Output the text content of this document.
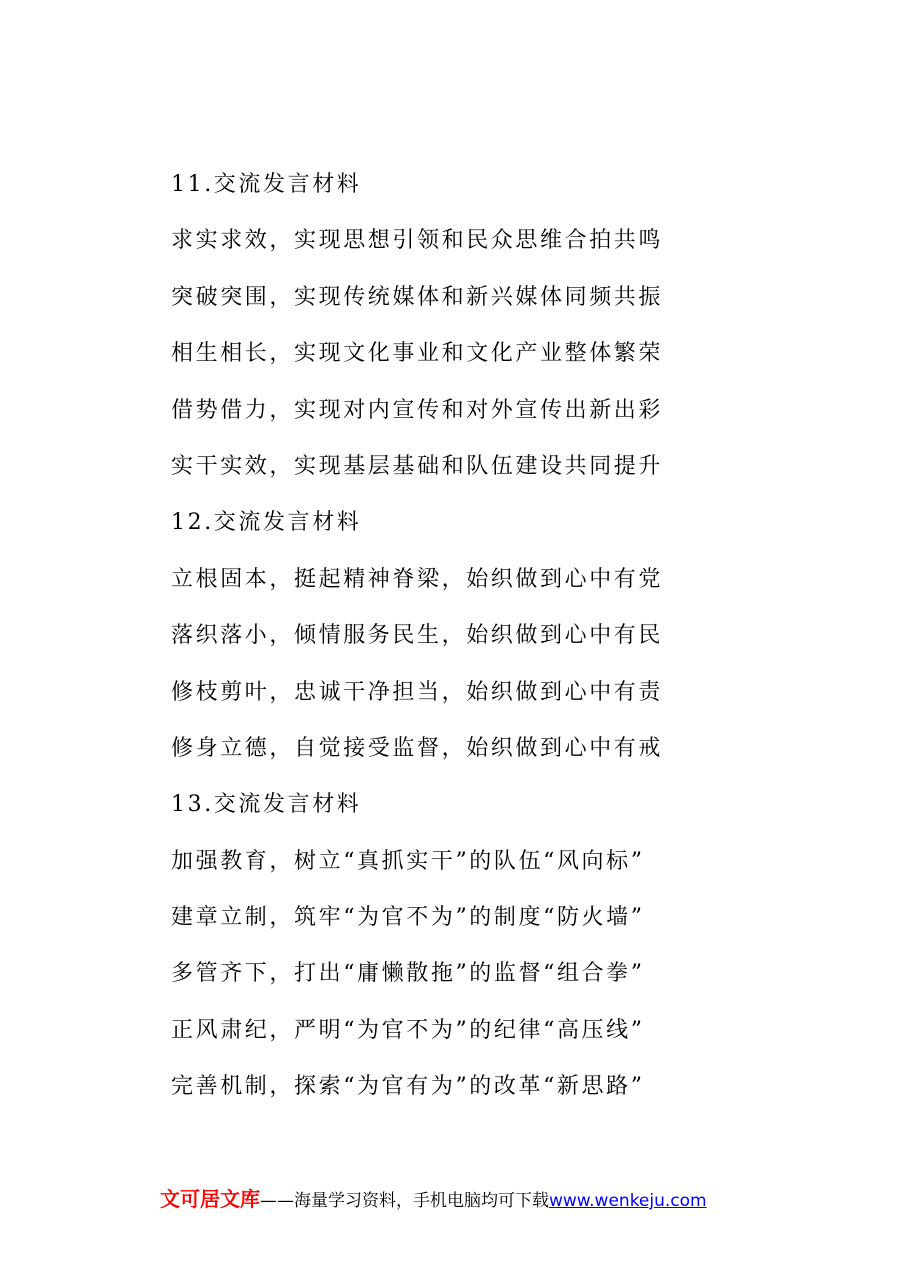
11.交流发言材料
求实求效，实现思想引领和民众思维合拍共鸣
突破突围，实现传统媒体和新兴媒体同频共振
相生相长，实现文化事业和文化产业整体繁荣
借势借力，实现对内宣传和对外宣传出新出彩
实干实效，实现基层基础和队伍建设共同提升
12.交流发言材料
立根固本，挺起精神脊梁，始织做到心中有党
落织落小，倾情服务民生，始织做到心中有民
修枝剪叶，忠诚干净担当，始织做到心中有责
修身立德，自觉接受监督，始织做到心中有戒
13.交流发言材料
加强教育，树立“真抓实干”的队伍“风向标”
建章立制，筑牢“为官不为”的制度“防火墙”
多管齐下，打出“庸懒散拖”的监督“组合拳”
正风肃纪，严明“为官不为”的纪律“高压线”
完善机制，探索“为官有为”的改革“新思路”
文可居文库——海量学习资料，手机电脑均可下载www.wenkeju.com
